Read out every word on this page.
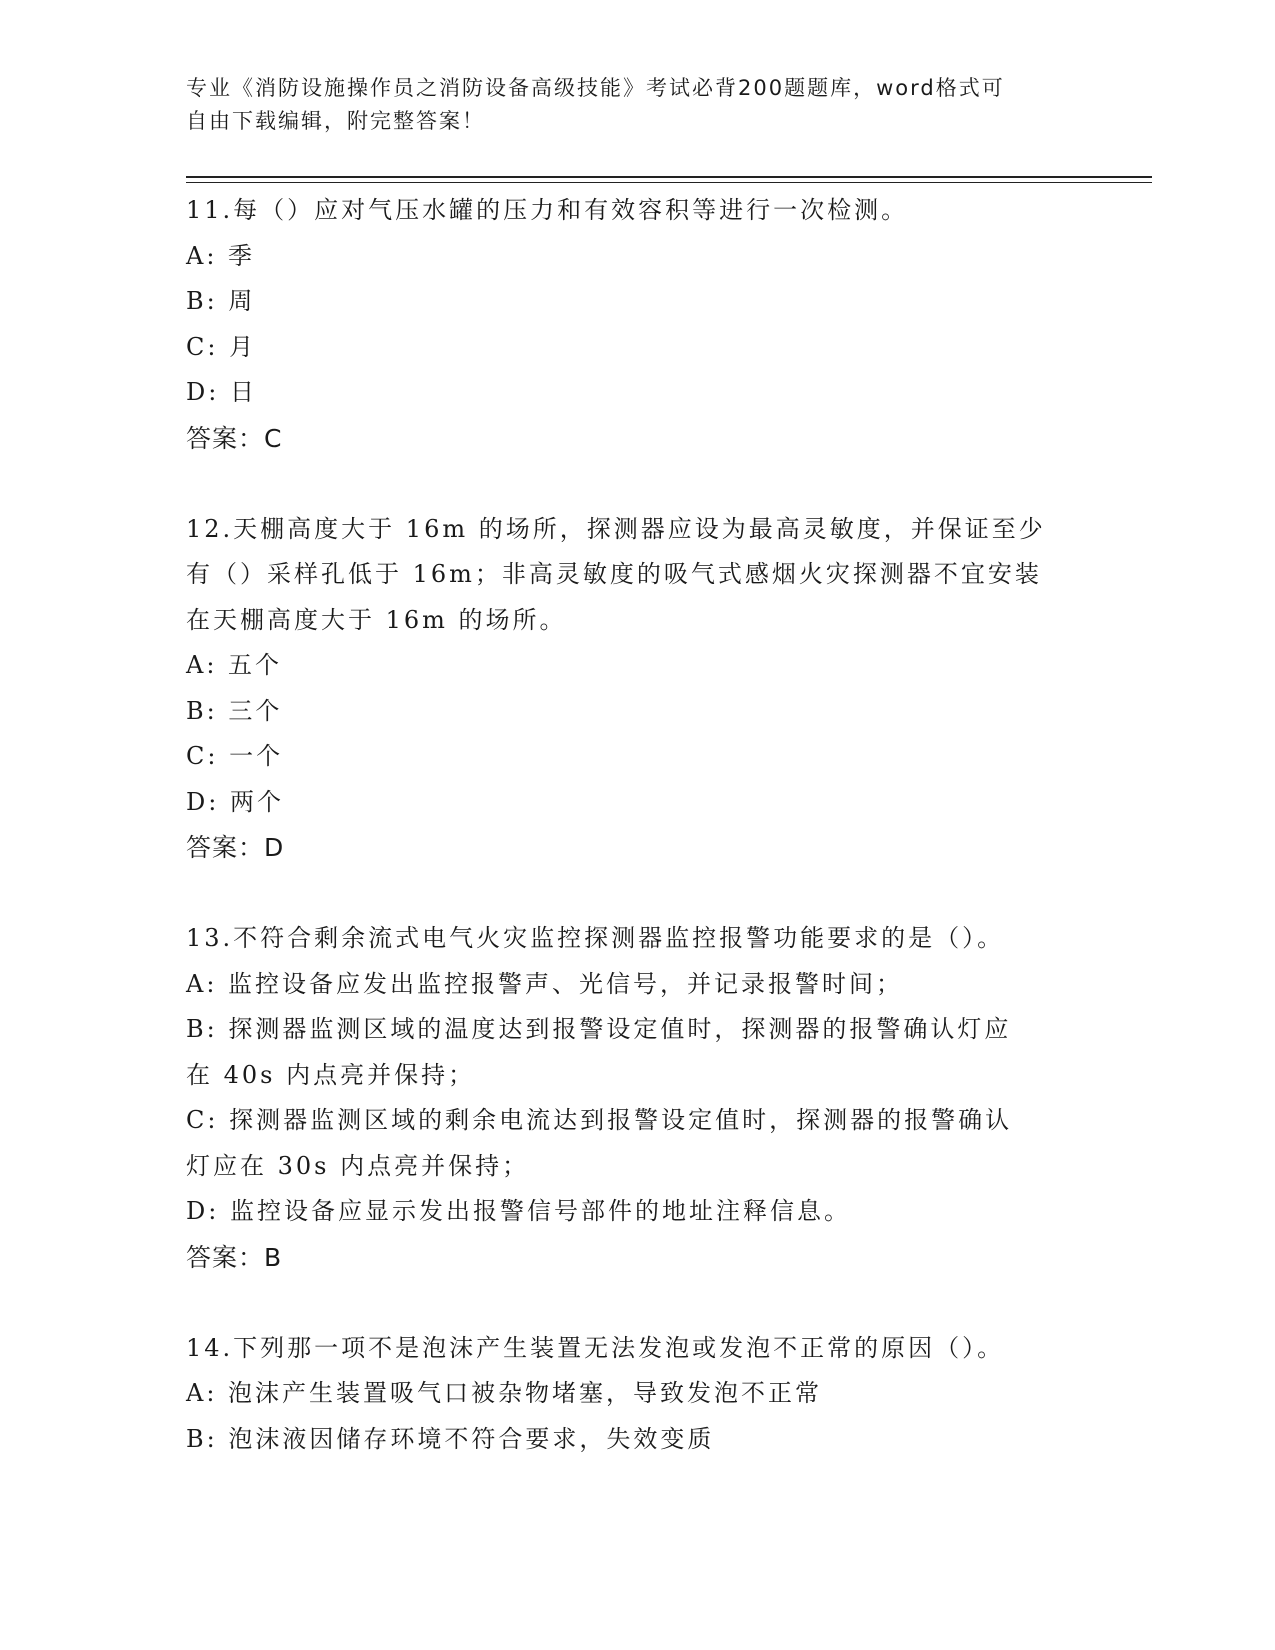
专业《消防设施操作员之消防设备高级技能》考试必背200题题库，word格式可
自由下载编辑，附完整答案！
11.每（）应对气压水罐的压力和有效容积等进行一次检测。
A: 季
B: 周
C: 月
D: 日
答案：C
12.天棚高度大于 16m 的场所，探测器应设为最高灵敏度，并保证至少
有（）采样孔低于 16m；非高灵敏度的吸气式感烟火灾探测器不宜安装
在天棚高度大于 16m 的场所。
A: 五个
B: 三个
C: 一个
D: 两个
答案：D
13.不符合剩余流式电气火灾监控探测器监控报警功能要求的是（）。
A: 监控设备应发出监控报警声、光信号，并记录报警时间；
B: 探测器监测区域的温度达到报警设定值时，探测器的报警确认灯应
在 40s 内点亮并保持；
C: 探测器监测区域的剩余电流达到报警设定值时，探测器的报警确认
灯应在 30s 内点亮并保持；
D: 监控设备应显示发出报警信号部件的地址注释信息。
答案：B
14.下列那一项不是泡沫产生装置无法发泡或发泡不正常的原因（）。
A: 泡沫产生装置吸气口被杂物堵塞，导致发泡不正常
B: 泡沫液因储存环境不符合要求，失效变质
